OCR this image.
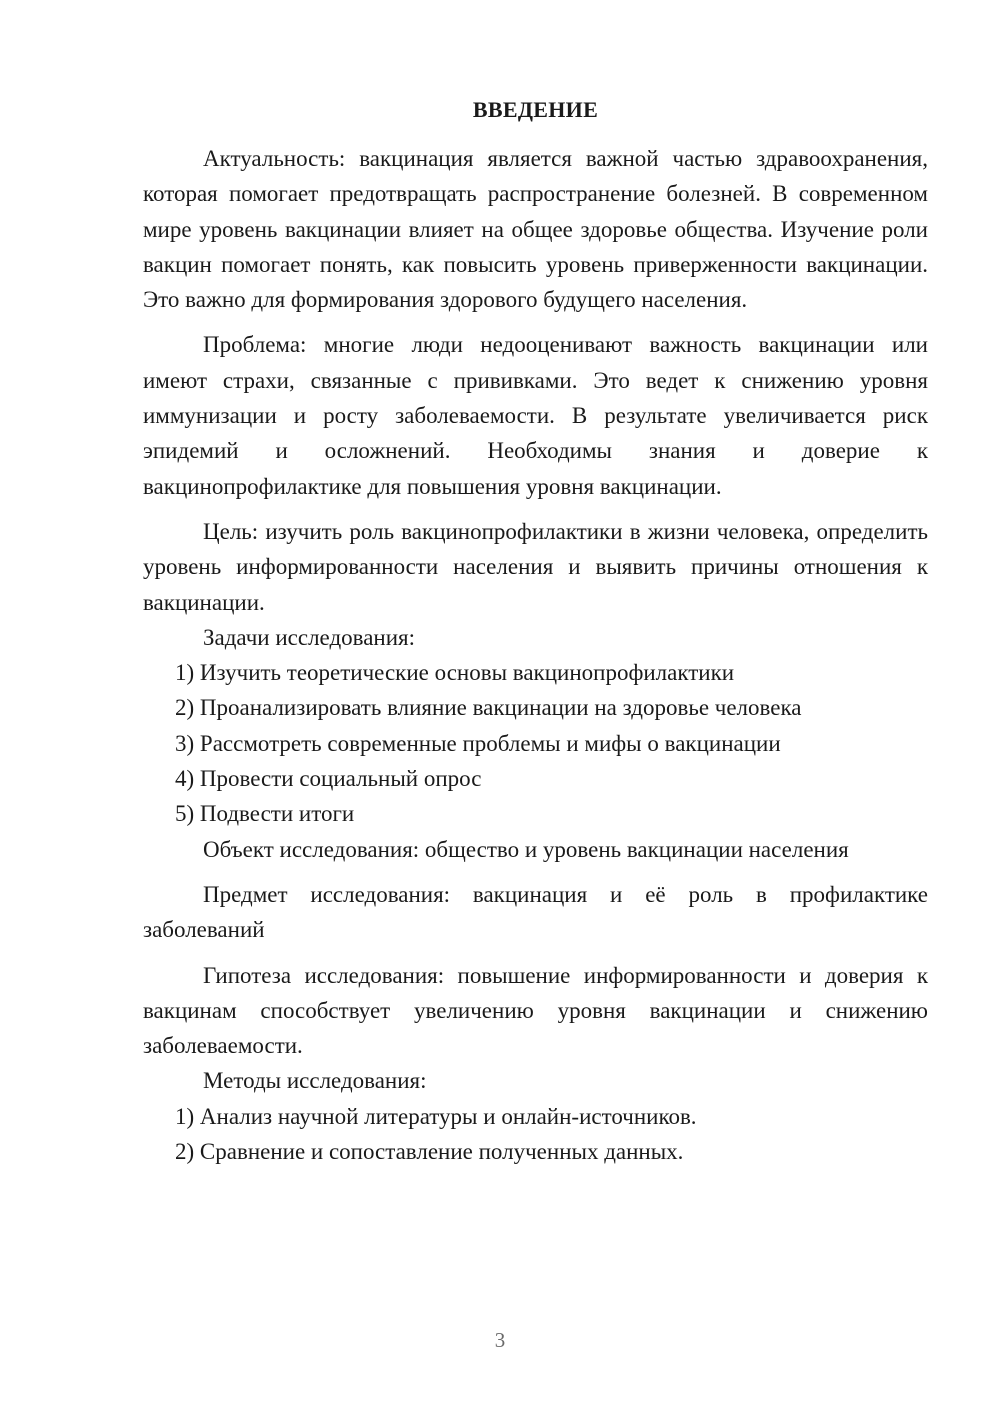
ВВЕДЕНИЕ

Актуальность: вакцинация является важной частью здравоохранения, которая помогает предотвращать распространение болезней. В современном мире уровень вакцинации влияет на общее здоровье общества. Изучение роли вакцин помогает понять, как повысить уровень приверженности вакцинации. Это важно для формирования здорового будущего населения.

Проблема: многие люди недооценивают важность вакцинации или имеют страхи, связанные с прививками. Это ведет к снижению уровня иммунизации и росту заболеваемости. В результате увеличивается риск эпидемий и осложнений. Необходимы знания и доверие к вакцинопрофилактике для повышения уровня вакцинации.

Цель: изучить роль вакцинопрофилактики в жизни человека, определить уровень информированности населения и выявить причины отношения к вакцинации.

Задачи исследования:

1) Изучить теоретические основы вакцинопрофилактики

2) Проанализировать влияние вакцинации на здоровье человека

3) Рассмотреть современные проблемы и мифы о вакцинации

4) Провести социальный опрос

5) Подвести итоги

Объект исследования: общество и уровень вакцинации населения

Предмет исследования: вакцинация и её роль в профилактике заболеваний

Гипотеза исследования: повышение информированности и доверия к вакцинам способствует увеличению уровня вакцинации и снижению заболеваемости.

Методы исследования:

1) Анализ научной литературы и онлайн-источников.

2) Сравнение и сопоставление полученных данных.

3
